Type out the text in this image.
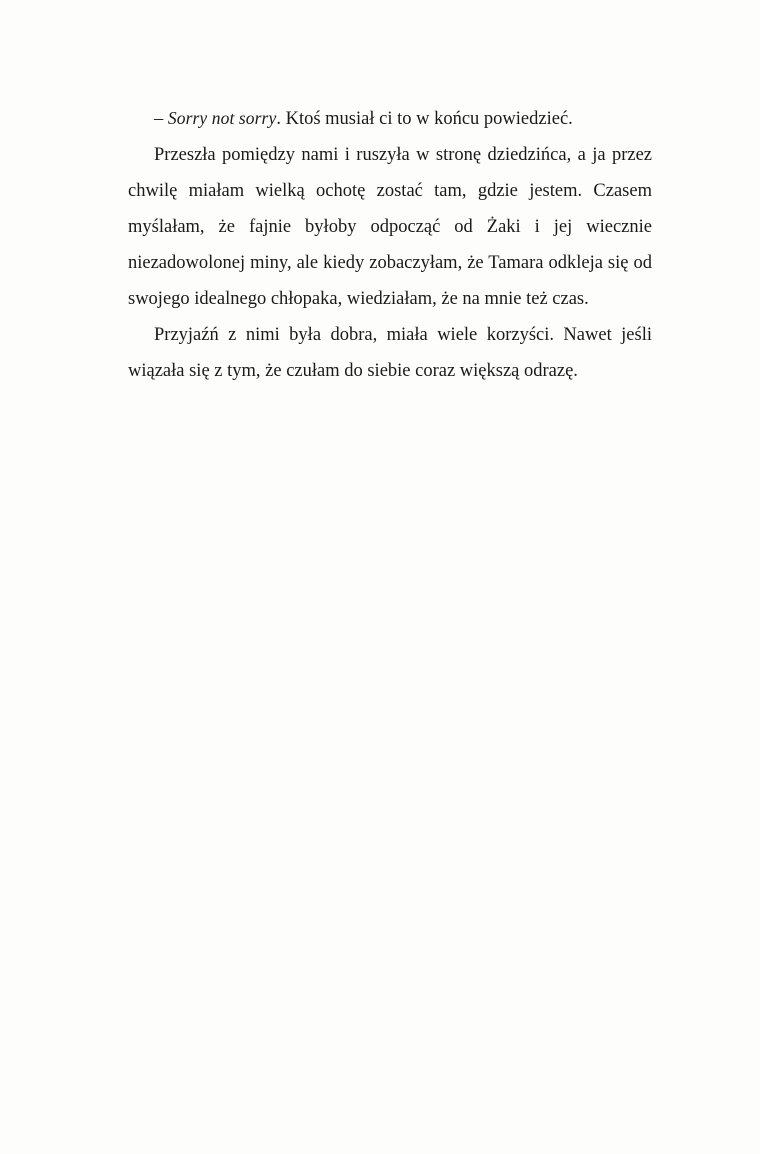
– Sorry not sorry. Ktoś musiał ci to w końcu powiedzieć.

Przeszła pomiędzy nami i ruszyła w stronę dziedzińca, a ja przez chwilę miałam wielką ochotę zostać tam, gdzie jestem. Czasem myślałam, że fajnie byłoby odpocząć od Żaki i jej wiecznie niezadowolonej miny, ale kiedy zobaczyłam, że Tamara odkleja się od swojego idealnego chłopaka, wiedziałam, że na mnie też czas.

Przyjaźń z nimi była dobra, miała wiele korzyści. Nawet jeśli wiązała się z tym, że czułam do siebie coraz większą odrazę.
